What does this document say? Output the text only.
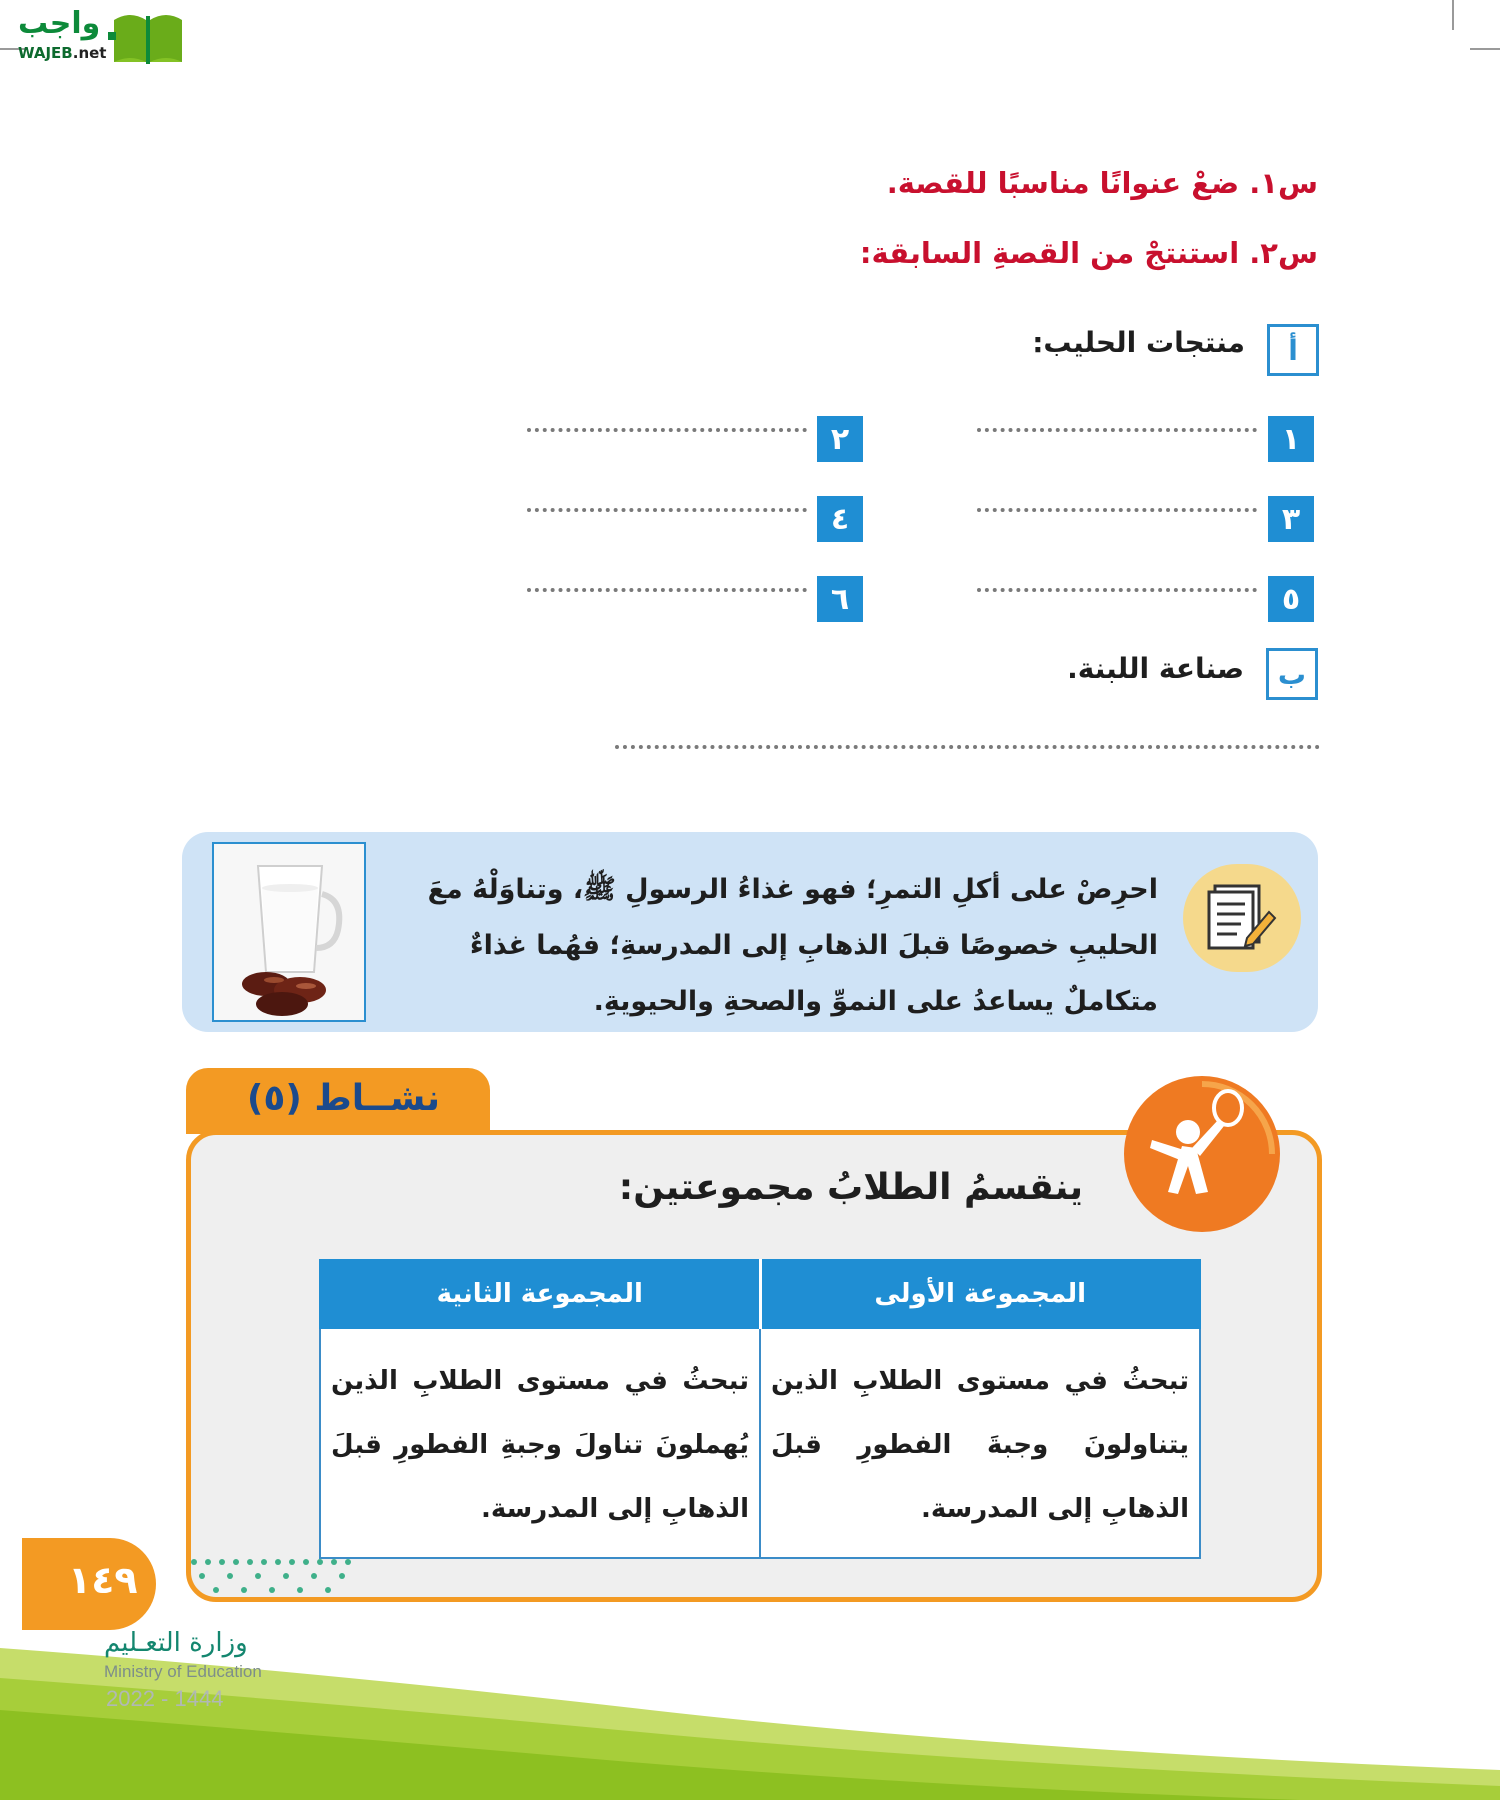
واجب
WAJEB.net
س١. ضعْ عنوانًا مناسبًا للقصة.
س٢. استنتجْ من القصةِ السابقة:
أ
منتجات الحليب:
١
٢
٣
٤
٥
٦
ب
صناعة اللبنة.
احرِصْ على أكلِ التمرِ؛ فهو غذاءُ الرسولِ ﷺ، وتناوَلْهُ معَ
الحليبِ خصوصًا قبلَ الذهابِ إلى المدرسةِ؛ فهُما غذاءٌ
متكاملٌ يساعدُ على النموِّ والصحةِ والحيويةِ.
نشــاط (٥)
ينقسمُ الطلابُ مجموعتين:
المجموعة الأولى	المجموعة الثانية
تبحثُ في مستوى الطلابِ الذين يتناولونَ وجبةَ الفطورِ قبلَ الذهابِ إلى المدرسة.	تبحثُ في مستوى الطلابِ الذين يُهملونَ تناولَ وجبةِ الفطورِ قبلَ الذهابِ إلى المدرسة.
١٤٩
وزارة التعـليم
Ministry of Education
2022 - 1444
